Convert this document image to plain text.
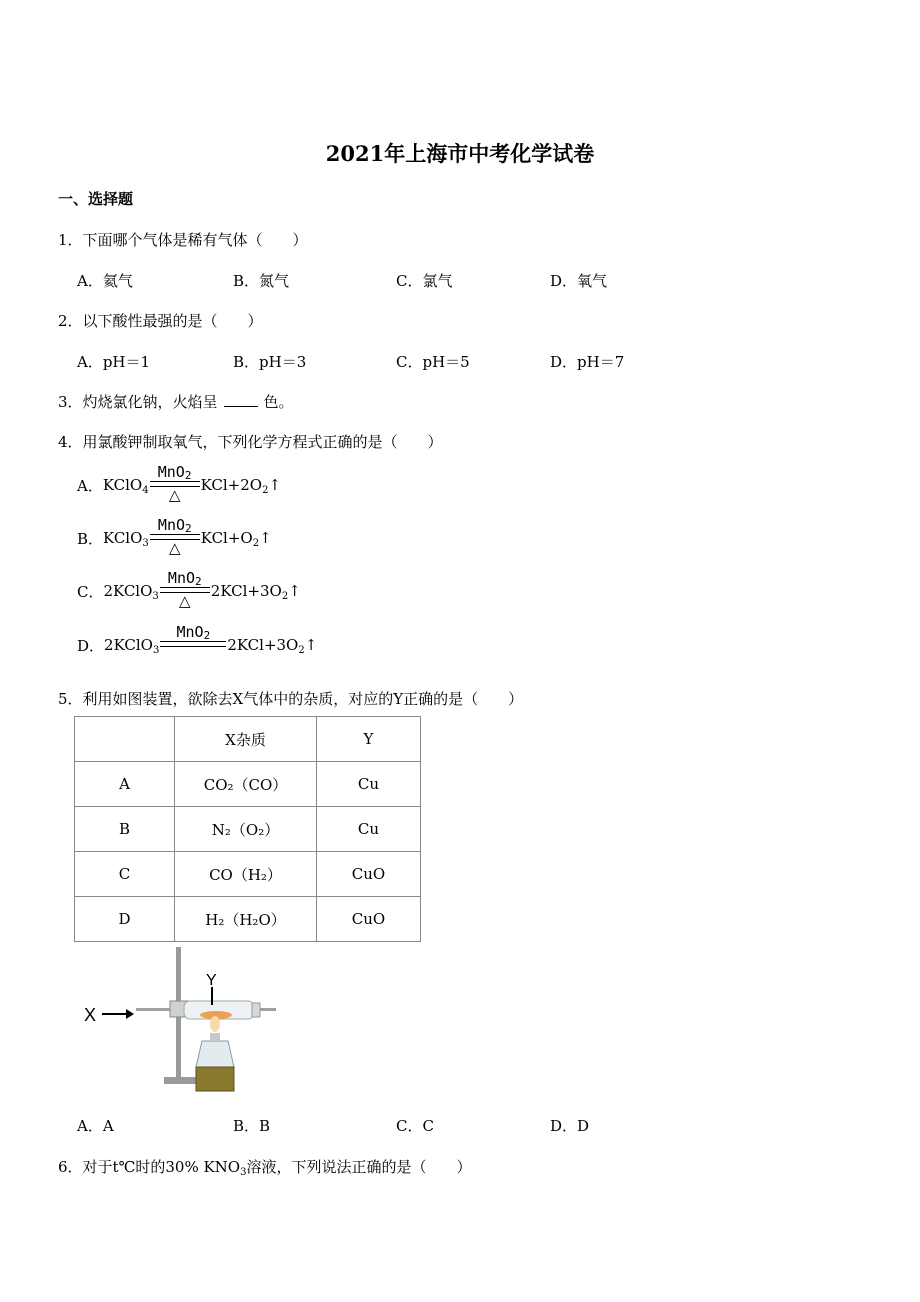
2021年上海市中考化学试卷
一、选择题
1．下面哪个气体是稀有气体（　　）
A．氦气	B．氮气	C．氯气	D．氧气
2．以下酸性最强的是（　　）
A．pH＝1	B．pH＝3	C．pH＝5	D．pH＝7
3．灼烧氯化钠，火焰呈	色。
4．用氯酸钾制取氧气，下列化学方程式正确的是（　　）
A． KClO$_4$
MnO$_2$
△
$KCl+2O_2↑$
B． KClO$_3$
MnO$_2$
△
$KCl+O_2↑$
C． 2KClO$_3$
MnO$_2$
△
$2KCl+3O_2↑$
D． 2KClO$_3$
MnO$_2$
$2KCl+3O_2↑$
5．利用如图装置，欲除去X气体中的杂质，对应的Y正确的是（　　）
	X杂质	Y
A	CO₂（CO）	Cu
B	N₂（O₂）	Cu
C	CO（H₂）	CuO
D	H₂（H₂O）	CuO
X
Y
A．A	B．B	C．C	D．D
6．对于t℃时的30% $KNO_3$溶液，下列说法正确的是（　　）
